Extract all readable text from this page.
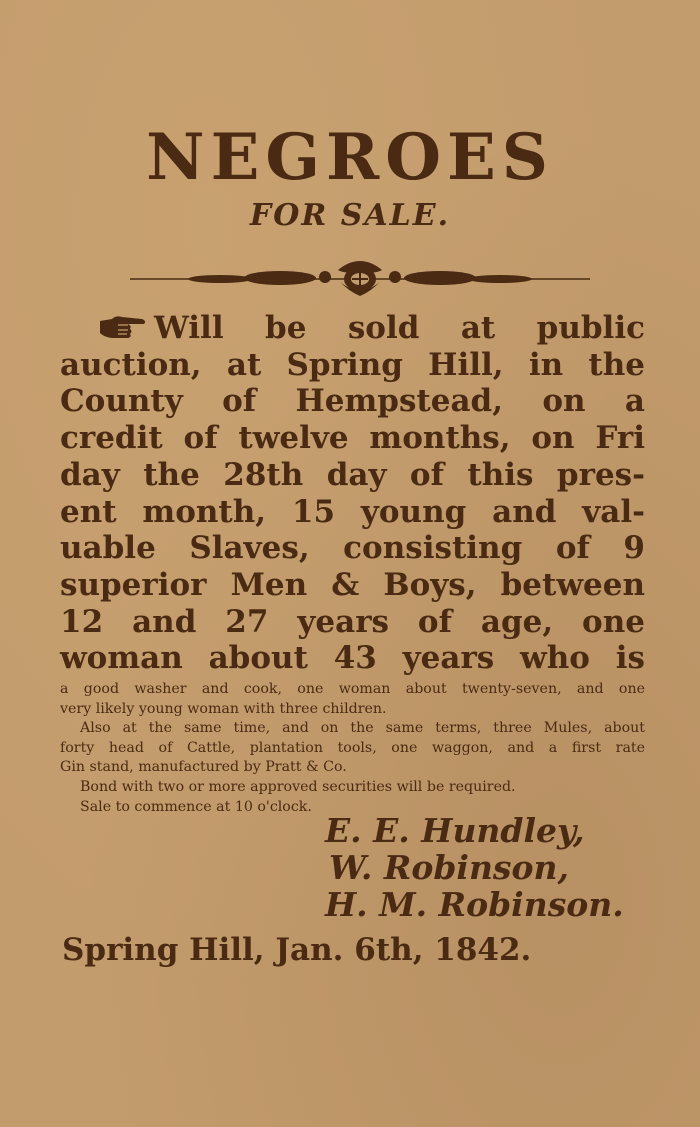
NEGROES
FOR SALE.
Will be sold at public
auction, at Spring Hill, in the
County of Hempstead, on a
credit of twelve months, on Fri
day the 28th day of this pres-
ent month, 15 young and val-
uable Slaves, consisting of 9
superior Men & Boys, between
12 and 27 years of age, one
woman about 43 years who is
a good washer and cook, one woman about twenty-seven, and one
very likely young woman with three children.
Also at the same time, and on the same terms, three Mules, about
forty head of Cattle, plantation tools, one waggon, and a first rate
Gin stand, manufactured by Pratt & Co.
Bond with two or more approved securities will be required.
Sale to commence at 10 o'clock.
E. E. Hundley,
W. Robinson,
H. M. Robinson.
Spring Hill, Jan. 6th, 1842.
